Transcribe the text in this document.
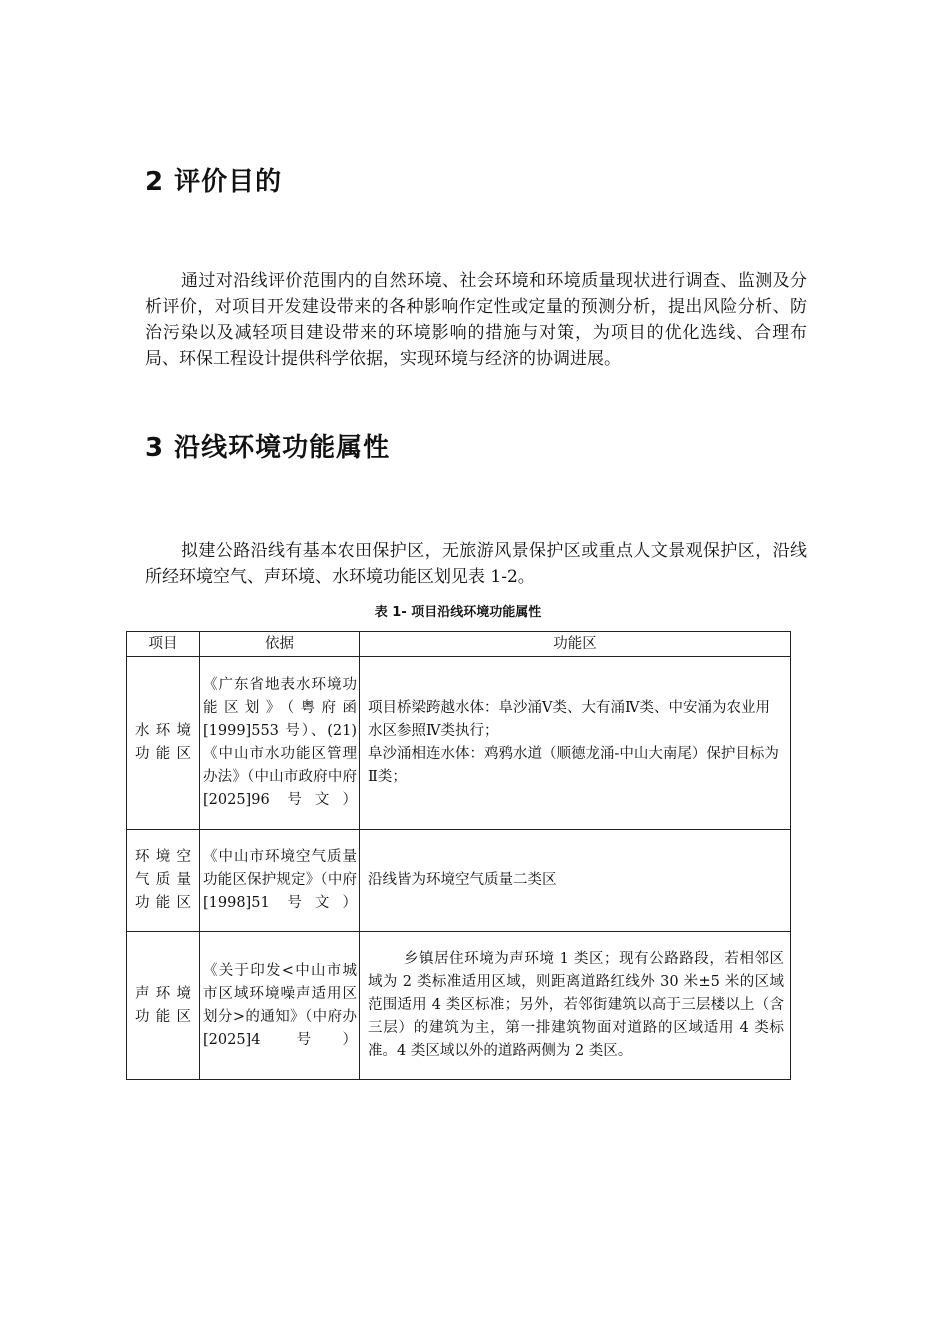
2 评价目的

通过对沿线评价范围内的自然环境、社会环境和环境质量现状进行调查、监测及分析评价，对项目开发建设带来的各种影响作定性或定量的预测分析，提出风险分析、防治污染以及减轻项目建设带来的环境影响的措施与对策，为项目的优化选线、合理布局、环保工程设计提供科学依据，实现环境与经济的协调进展。

3 沿线环境功能属性

拟建公路沿线有基本农田保护区，无旅游风景保护区或重点人文景观保护区，沿线所经环境空气、声环境、水环境功能区划见表 1-2。

表 1- 项目沿线环境功能属性
项目	依据	功能区
水环境功能区	《广东省地表水环境功能区划》（粤府函[1999]553 号）、(21) 《中山市水功能区管理办法》（中山市政府中府[2025]96 号文）	项目桥梁跨越水体：阜沙涌Ⅴ类、大有涌Ⅳ类、中安涌为农业用水区参照Ⅳ类执行；
阜沙涌相连水体：鸡鸦水道（顺德龙涌-中山大南尾）保护目标为Ⅱ类；

环境空气质量功能区	《中山市环境空气质量功能区保护规定》（中府[1998]51 号文）	沿线皆为环境空气质量二类区

声环境功能区	《关于印发<中山市城市区域环境噪声适用区划分>的通知》（中府办[2025]4 号）	乡镇居住环境为声环境 1 类区；现有公路路段，若相邻区域为 2 类标准适用区域，则距离道路红线外 30 米±5 米的区域范围适用 4 类区标准；另外，若邻街建筑以高于三层楼以上（含三层）的建筑为主，第一排建筑物面对道路的区域适用 4 类标准。4 类区域以外的道路两侧为 2 类区。
